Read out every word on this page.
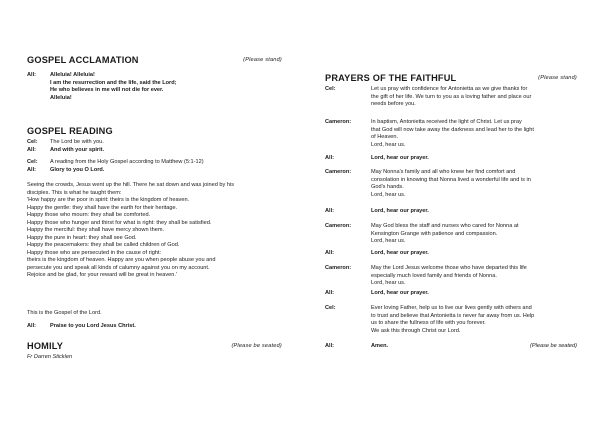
GOSPEL ACCLAMATION	(Please stand)
All: Alleluia! Alleluia!
I am the resurrection and the life, said the Lord;
He who believes in me will not die for ever.
Alleluia!
GOSPEL READING
Cel: The Lord be with you.
All: And with your spirit.
Cel: A reading from the Holy Gospel according to Matthew (5:1-12)
All: Glory to you O Lord.
Seeing the crowds, Jesus went up the hill. There he sat down and was joined by his
disciples. This is what he taught them:
'How happy are the poor in spirit: theirs is the kingdom of heaven.
Happy the gentle: they shall have the earth for their heritage.
Happy those who mourn: they shall be comforted.
Happy those who hunger and thirst for what is right: they shall be satisfied.
Happy the merciful: they shall have mercy shown them.
Happy the pure in heart: they shall see God.
Happy the peacemakers: they shall be called children of God.
Happy those who are persecuted in the cause of right:
theirs is the kingdom of heaven. Happy are you when people abuse you and
persecute you and speak all kinds of calumny against you on my account.
Rejoice and be glad, for your reward will be great in heaven.'
This is the Gospel of the Lord.
All: Praise to you Lord Jesus Christ.
HOMILY	(Please be seated)
Fr Darren Sticklen
PRAYERS OF THE FAITHFUL	(Please stand)
Cel:	Let us pray with confidence for Antonietta as we give thanks for
the gift of her life. We turn to you as a loving father and place our
needs before you.
Cameron:	In baptism, Antonietta received the light of Christ. Let us pray
that God will now take away the darkness and lead her to the light
of Heaven.
Lord, hear us.
All:	Lord, hear our prayer.
Cameron:	May Nonna's family and all who knew her find comfort and
consolation in knowing that Nonna lived a wonderful life and is in
God's hands.
Lord, hear us.
All:	Lord, hear our prayer.
Cameron:	May God bless the staff and nurses who cared for Nonna at
Kensington Grange with patience and compassion.
Lord, hear us.
All:	Lord, hear our prayer.
Cameron:	May the Lord Jesus welcome those who have departed this life
especially much loved family and friends of Nonna.
Lord, hear us.
All:	Lord, hear our prayer.
Cel:	Ever loving Father, help us to live our lives gently with others and
to trust and believe that Antonietta is never far away from us. Help
us to share the fullness of life with you forever.
We ask this through Christ our Lord.
All:	Amen.	(Please be seated)
